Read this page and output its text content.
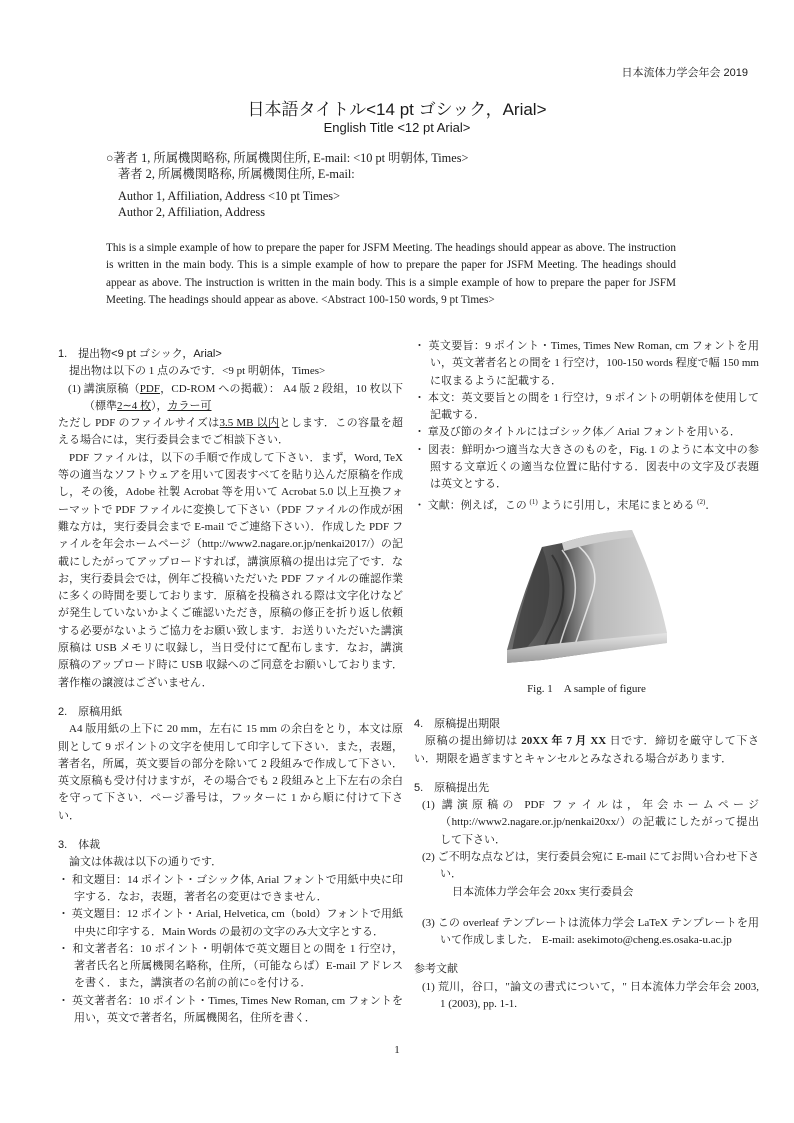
日本流体力学会年会 2019
日本語タイトル<14 pt ゴシック，Arial>
English Title <12 pt Arial>
○著者 1, 所属機関略称, 所属機関住所, E-mail: <10 pt 明朝体, Times>
著者 2, 所属機関略称, 所属機関住所, E-mail:
Author 1, Affiliation, Address <10 pt Times>
Author 2, Affiliation, Address
This is a simple example of how to prepare the paper for JSFM Meeting. The headings should appear as above. The instruction is written in the main body. This is a simple example of how to prepare the paper for JSFM Meeting. The headings should appear as above. The instruction is written in the main body. This is a simple example of how to prepare the paper for JSFM Meeting. The headings should appear as above. <Abstract 100-150 words, 9 pt Times>
1.　提出物<9 pt ゴシック，Arial>

提出物は以下の 1 点のみです．<9 pt 明朝体，Times>

(1) 講演原稿（PDF，CD-ROM への掲載）： A4 版 2 段組，10 枚以下（標準2∼4 枚），カラー可

ただし PDF のファイルサイズは3.5 MB 以内とします．この容量を超える場合には，実行委員会までご相談下さい．

PDF ファイルは，以下の手順で作成して下さい．まず，Word, TeX 等の適当なソフトウェアを用いて図表すべてを貼り込んだ原稿を作成し，その後，Adobe 社製 Acrobat 等を用いて Acrobat 5.0 以上互換フォーマットで PDF ファイルに変換して下さい（PDF ファイルの作成が困難な方は，実行委員会まで E-mail でご連絡下さい）．作成した PDF ファイルを年会ホームページ（http://www2.nagare.or.jp/nenkai2017/）の記載にしたがってアップロードすれば，講演原稿の提出は完了です．なお，実行委員会では，例年ご投稿いただいた PDF ファイルの確認作業に多くの時間を要しております．原稿を投稿される際は文字化けなどが発生していないかよくご確認いただき，原稿の修正を折り返し依頼する必要がないようご協力をお願い致します．お送りいただいた講演原稿は USB メモリに収録し，当日受付にて配布します．なお，講演原稿のアップロード時に USB 収録へのご同意をお願いしております．著作権の譲渡はございません．

2.　原稿用紙

A4 版用紙の上下に 20 mm，左右に 15 mm の余白をとり，本文は原則として 9 ポイントの文字を使用して印字して下さい．また，表題，著者名，所属，英文要旨の部分を除いて 2 段組みで作成して下さい．英文原稿も受け付けますが，その場合でも 2 段組みと上下左右の余白を守って下さい．ページ番号は，フッターに 1 から順に付けて下さい．

3.　体裁

論文は体裁は以下の通りです．

・ 和文題目：14 ポイント・ゴシック体, Arial フォントで用紙中央に印字する．なお，表題，著者名の変更はできません．

・ 英文題目：12 ポイント・Arial, Helvetica, cm（bold）フォントで用紙中央に印字する．Main Words の最初の文字のみ大文字とする．

・ 和文著者名：10 ポイント・明朝体で英文題目との間を 1 行空け，著者氏名と所属機関名略称，住所，（可能ならば）E-mail アドレスを書く．また，講演者の名前の前に○を付ける．

・ 英文著者名：10 ポイント・Times, Times New Roman, cm フォントを用い，英文で著者名，所属機関名，住所を書く．

・ 英文要旨：9 ポイント・Times, Times New Roman, cm フォントを用い，英文著者名との間を 1 行空け，100-150 words 程度で幅 150 mm に収まるように記載する．

・ 本文：英文要旨との間を 1 行空け，9 ポイントの明朝体を使用して記載する．

・ 章及び節のタイトルにはゴシック体／ Arial フォントを用いる．

・ 図表：鮮明かつ適当な大きさのものを，Fig. 1 のように本文中の参照する文章近くの適当な位置に貼付する．図表中の文字及び表題は英文とする．

・ 文献：例えば，この $^{(1)}$ ように引用し，末尾にまとめる $^{(2)}$．

Fig. 1　A sample of figure
4.　原稿提出期限

原稿の提出締切は 20XX 年 7 月 XX 日です．締切を厳守して下さい．期限を過ぎますとキャンセルとみなされる場合があります．

5.　原稿提出先

(1) 講演原稿の PDF ファイルは，年会ホームページ（http://www2.nagare.or.jp/nenkai20xx/）の記載にしたがって提出して下さい．

(2) ご不明な点などは，実行委員会宛に E-mail にてお問い合わせ下さい．

日本流体力学会年会 20xx 実行委員会

(3) この overleaf テンプレートは流体力学会 LaTeX テンプレートを用いて作成しました． E-mail: asekimoto@cheng.es.osaka-u.ac.jp

参考文献

(1) 荒川，谷口，"論文の書式について，" 日本流体力学会年会 2003, 1 (2003), pp. 1-1.

1
